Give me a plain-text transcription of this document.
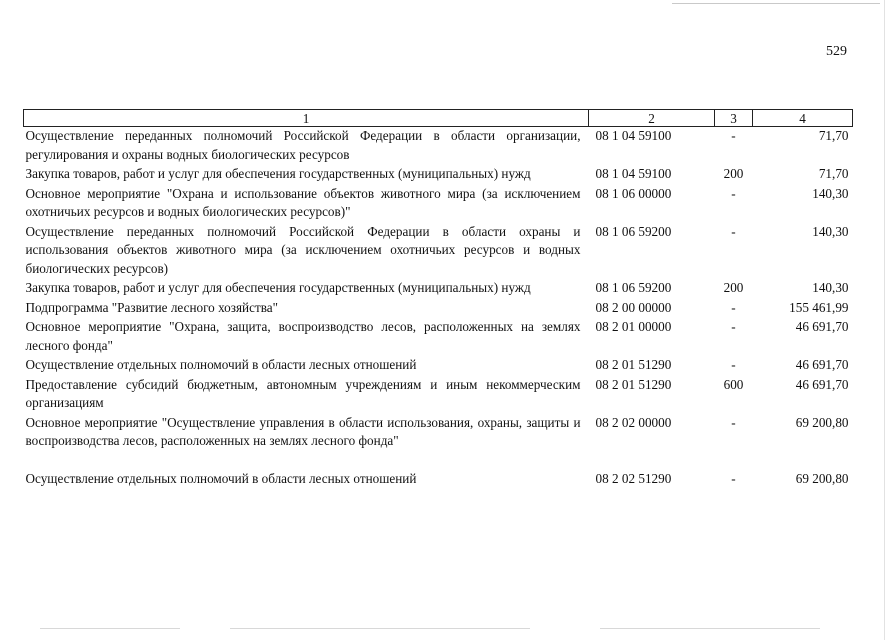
529
1	2	3	4
Осуществление переданных полномочий Российской Федерации в области организации, регулирования и охраны водных биологических ресурсов	08 1 04 59100	-	71,70
Закупка товаров, работ и услуг для обеспечения государственных (муниципальных) нужд	08 1 04 59100	200	71,70
Основное мероприятие "Охрана и использование объектов животного мира (за исключением охотничьих ресурсов и водных биологических ресурсов)"	08 1 06 00000	-	140,30
Осуществление переданных полномочий Российской Федерации в области охраны и использования объектов животного мира (за исключением охотничьих ресурсов и водных биологических ресурсов)	08 1 06 59200	-	140,30
Закупка товаров, работ и услуг для обеспечения государственных (муниципальных) нужд	08 1 06 59200	200	140,30
Подпрограмма "Развитие лесного хозяйства"	08 2 00 00000	-	155 461,99
Основное мероприятие "Охрана, защита, воспроизводство лесов, расположенных на землях лесного фонда"	08 2 01 00000	-	46 691,70
Осуществление отдельных полномочий в области лесных отношений	08 2 01 51290	-	46 691,70
Предоставление субсидий бюджетным, автономным учреждениям и иным некоммерческим организациям	08 2 01 51290	600	46 691,70
Основное мероприятие "Осуществление управления в области использования, охраны, защиты и воспроизводства лесов, расположенных на землях лесного фонда"	08 2 02 00000	-	69 200,80
Осуществление отдельных полномочий в области лесных отношений	08 2 02 51290	-	69 200,80
